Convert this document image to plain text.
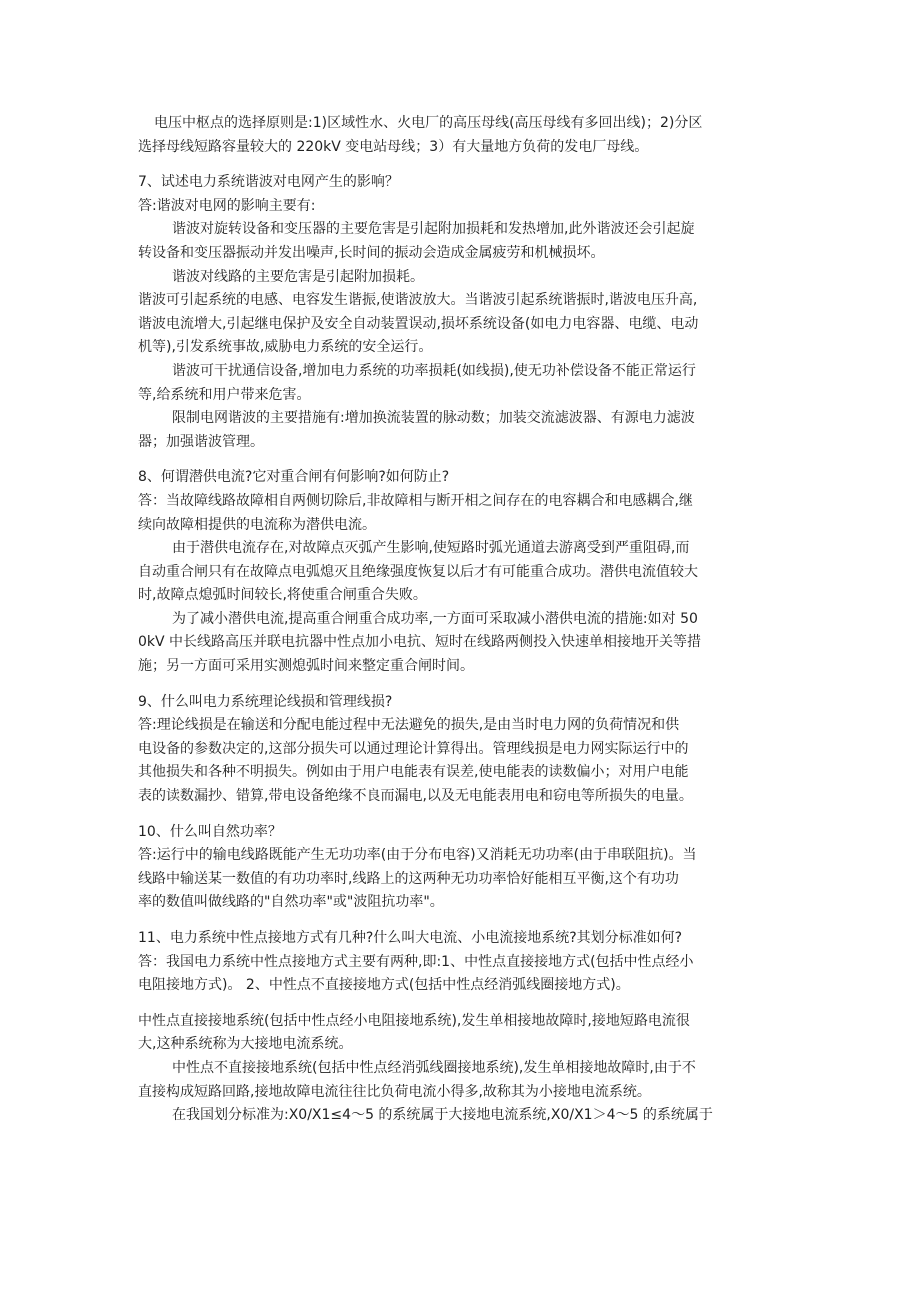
电压中枢点的选择原则是:1)区域性水、火电厂的高压母线(高压母线有多回出线)；2)分区
选择母线短路容量较大的 220kV 变电站母线；3）有大量地方负荷的发电厂母线。
7、试述电力系统谐波对电网产生的影响？
答:谐波对电网的影响主要有:
谐波对旋转设备和变压器的主要危害是引起附加损耗和发热增加,此外谐波还会引起旋
转设备和变压器振动并发出噪声,长时间的振动会造成金属疲劳和机械损坏。
谐波对线路的主要危害是引起附加损耗。
谐波可引起系统的电感、电容发生谐振,使谐波放大。当谐波引起系统谐振时,谐波电压升高,
谐波电流增大,引起继电保护及安全自动装置误动,损坏系统设备(如电力电容器、电缆、电动
机等),引发系统事故,威胁电力系统的安全运行。
谐波可干扰通信设备,增加电力系统的功率损耗(如线损),使无功补偿设备不能正常运行
等,给系统和用户带来危害。
限制电网谐波的主要措施有:增加换流装置的脉动数；加装交流滤波器、有源电力滤波
器；加强谐波管理。
8、何谓潜供电流?它对重合闸有何影响?如何防止?
答：当故障线路故障相自两侧切除后,非故障相与断开相之间存在的电容耦合和电感耦合,继
续向故障相提供的电流称为潜供电流。
由于潜供电流存在,对故障点灭弧产生影响,使短路时弧光通道去游离受到严重阻碍,而
自动重合闸只有在故障点电弧熄灭且绝缘强度恢复以后才有可能重合成功。潜供电流值较大
时,故障点熄弧时间较长,将使重合闸重合失败。
为了减小潜供电流,提高重合闸重合成功率,一方面可采取减小潜供电流的措施:如对 50
0kV 中长线路高压并联电抗器中性点加小电抗、短时在线路两侧投入快速单相接地开关等措
施；另一方面可采用实测熄弧时间来整定重合闸时间。
9、什么叫电力系统理论线损和管理线损?
答:理论线损是在输送和分配电能过程中无法避免的损失,是由当时电力网的负荷情况和供
电设备的参数决定的,这部分损失可以通过理论计算得出。管理线损是电力网实际运行中的
其他损失和各种不明损失。例如由于用户电能表有误差,使电能表的读数偏小；对用户电能
表的读数漏抄、错算,带电设备绝缘不良而漏电,以及无电能表用电和窃电等所损失的电量。
10、什么叫自然功率？
答:运行中的输电线路既能产生无功功率(由于分布电容)又消耗无功功率(由于串联阻抗)。当
线路中输送某一数值的有功功率时,线路上的这两种无功功率恰好能相互平衡,这个有功功
率的数值叫做线路的"自然功率"或"波阻抗功率"。
11、电力系统中性点接地方式有几种?什么叫大电流、小电流接地系统?其划分标准如何?
答：我国电力系统中性点接地方式主要有两种,即:1、中性点直接接地方式(包括中性点经小
电阻接地方式)。 2、中性点不直接接地方式(包括中性点经消弧线圈接地方式)。
中性点直接接地系统(包括中性点经小电阻接地系统),发生单相接地故障时,接地短路电流很
大,这种系统称为大接地电流系统。
中性点不直接接地系统(包括中性点经消弧线圈接地系统),发生单相接地故障时,由于不
直接构成短路回路,接地故障电流往往比负荷电流小得多,故称其为小接地电流系统。
在我国划分标准为:X0/X1≤4～5 的系统属于大接地电流系统,X0/X1＞4～5 的系统属于
